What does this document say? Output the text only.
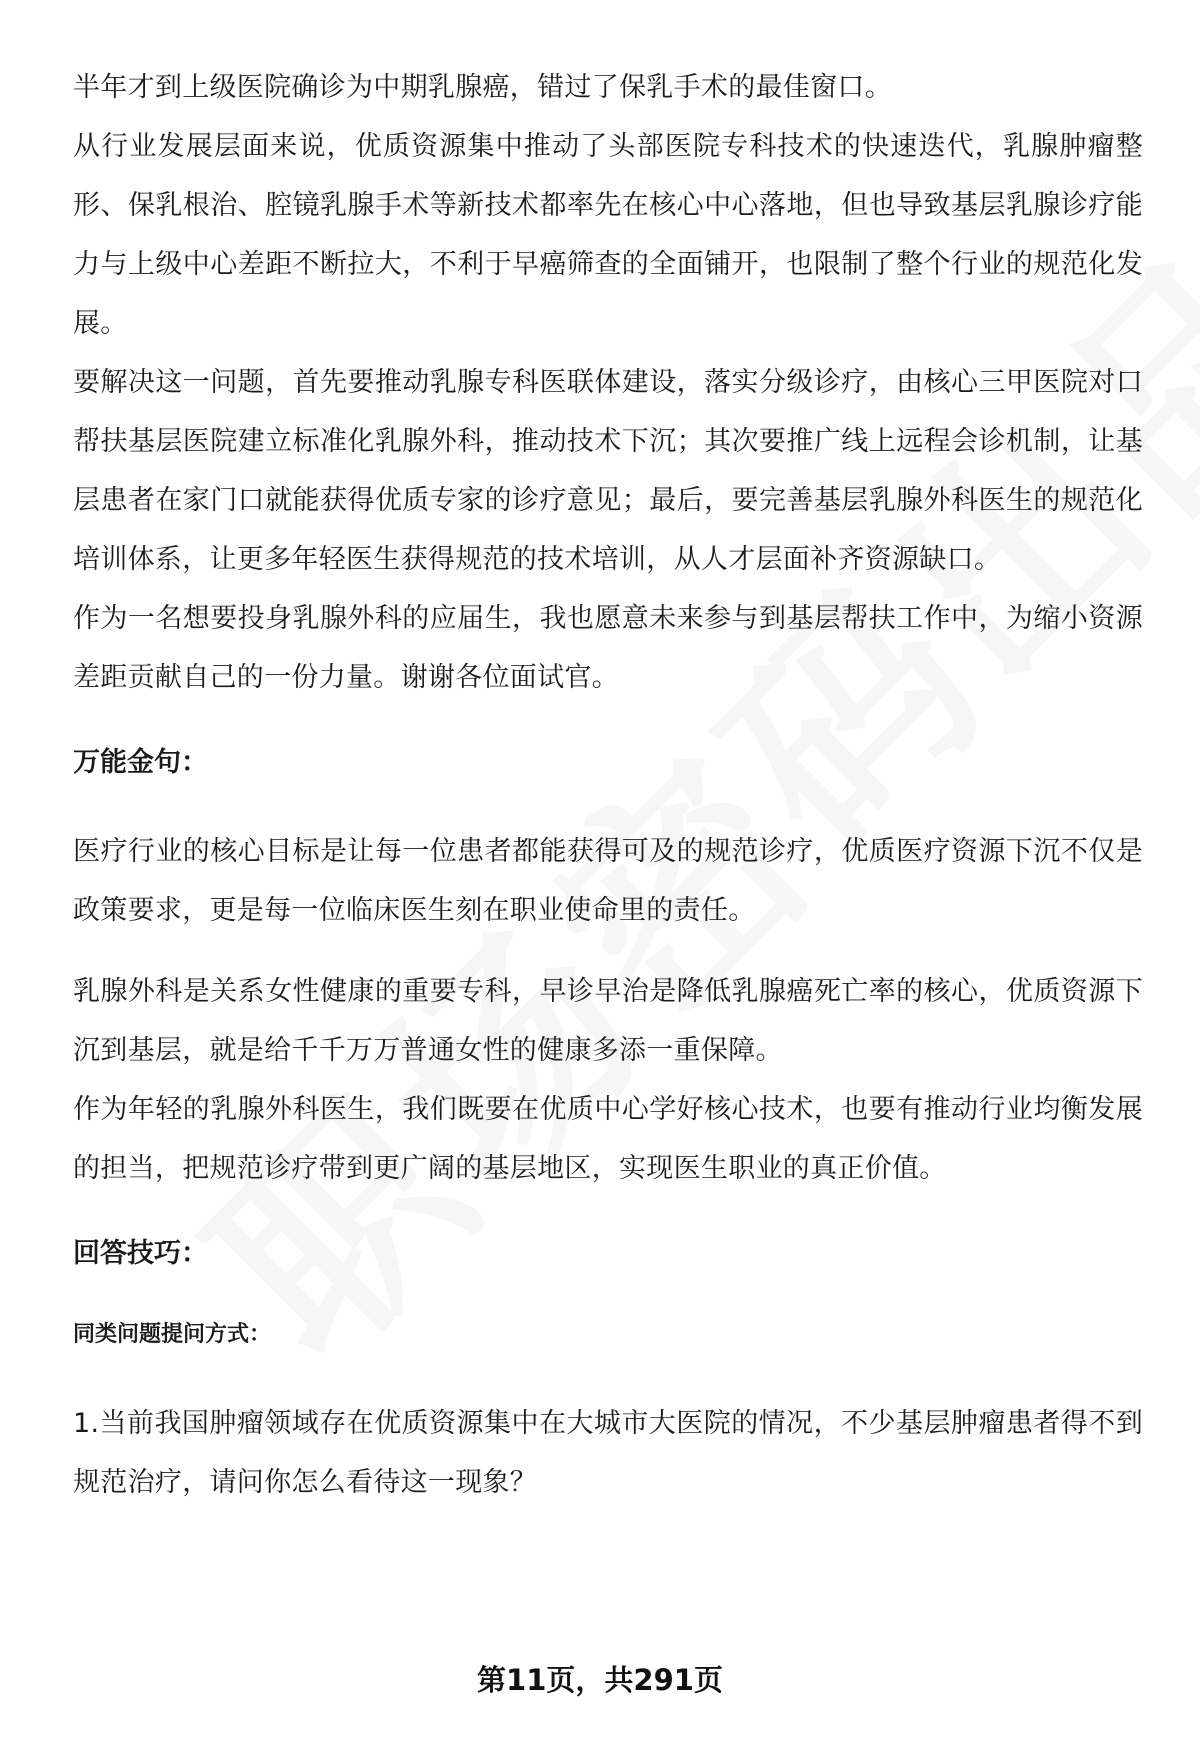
半年才到上级医院确诊为中期乳腺癌，错过了保乳手术的最佳窗口。

从行业发展层面来说，优质资源集中推动了头部医院专科技术的快速迭代，乳腺肿瘤整形、保乳根治、腔镜乳腺手术等新技术都率先在核心中心落地，但也导致基层乳腺诊疗能力与上级中心差距不断拉大，不利于早癌筛查的全面铺开，也限制了整个行业的规范化发展。

要解决这一问题，首先要推动乳腺专科医联体建设，落实分级诊疗，由核心三甲医院对口帮扶基层医院建立标准化乳腺外科，推动技术下沉；其次要推广线上远程会诊机制，让基层患者在家门口就能获得优质专家的诊疗意见；最后，要完善基层乳腺外科医生的规范化培训体系，让更多年轻医生获得规范的技术培训，从人才层面补齐资源缺口。

作为一名想要投身乳腺外科的应届生，我也愿意未来参与到基层帮扶工作中，为缩小资源差距贡献自己的一份力量。谢谢各位面试官。

万能金句：

医疗行业的核心目标是让每一位患者都能获得可及的规范诊疗，优质医疗资源下沉不仅是政策要求，更是每一位临床医生刻在职业使命里的责任。

乳腺外科是关系女性健康的重要专科，早诊早治是降低乳腺癌死亡率的核心，优质资源下沉到基层，就是给千千万万普通女性的健康多添一重保障。

作为年轻的乳腺外科医生，我们既要在优质中心学好核心技术，也要有推动行业均衡发展的担当，把规范诊疗带到更广阔的基层地区，实现医生职业的真正价值。

回答技巧：

同类问题提问方式：

1.当前我国肿瘤领域存在优质资源集中在大城市大医院的情况，不少基层肿瘤患者得不到规范治疗，请问你怎么看待这一现象？

第11页，共291页
